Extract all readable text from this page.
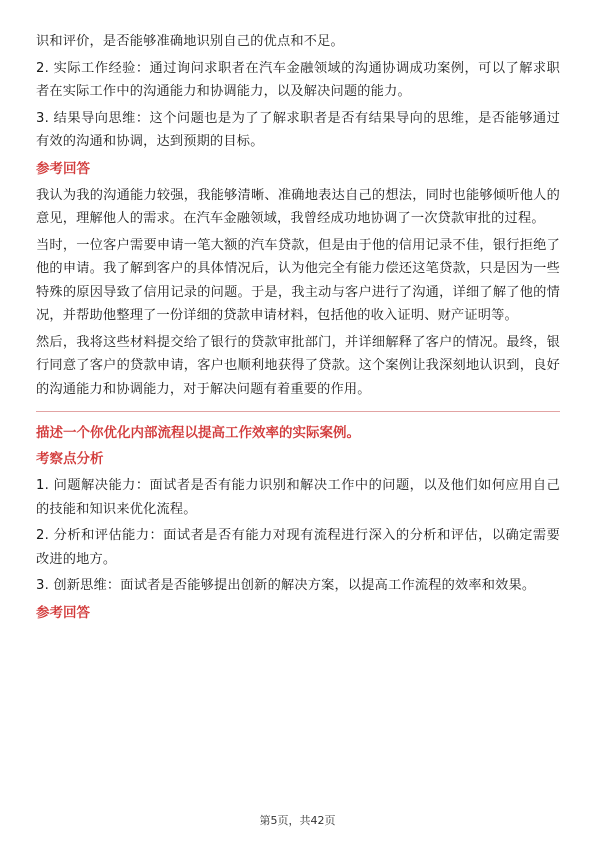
识和评价，是否能够准确地识别自己的优点和不足。

2. 实际工作经验：通过询问求职者在汽车金融领域的沟通协调成功案例，可以了解求职者在实际工作中的沟通能力和协调能力，以及解决问题的能力。

3. 结果导向思维：这个问题也是为了了解求职者是否有结果导向的思维，是否能够通过有效的沟通和协调，达到预期的目标。

参考回答

我认为我的沟通能力较强，我能够清晰、准确地表达自己的想法，同时也能够倾听他人的意见，理解他人的需求。在汽车金融领域，我曾经成功地协调了一次贷款审批的过程。

当时，一位客户需要申请一笔大额的汽车贷款，但是由于他的信用记录不佳，银行拒绝了他的申请。我了解到客户的具体情况后，认为他完全有能力偿还这笔贷款，只是因为一些特殊的原因导致了信用记录的问题。于是，我主动与客户进行了沟通，详细了解了他的情况，并帮助他整理了一份详细的贷款申请材料，包括他的收入证明、财产证明等。

然后，我将这些材料提交给了银行的贷款审批部门，并详细解释了客户的情况。最终，银行同意了客户的贷款申请，客户也顺利地获得了贷款。这个案例让我深刻地认识到，良好的沟通能力和协调能力，对于解决问题有着重要的作用。

描述一个你优化内部流程以提高工作效率的实际案例。
考察点分析

1. 问题解决能力：面试者是否有能力识别和解决工作中的问题，以及他们如何应用自己的技能和知识来优化流程。

2. 分析和评估能力：面试者是否有能力对现有流程进行深入的分析和评估，以确定需要改进的地方。

3. 创新思维：面试者是否能够提出创新的解决方案，以提高工作流程的效率和效果。

参考回答
第5页，共42页
